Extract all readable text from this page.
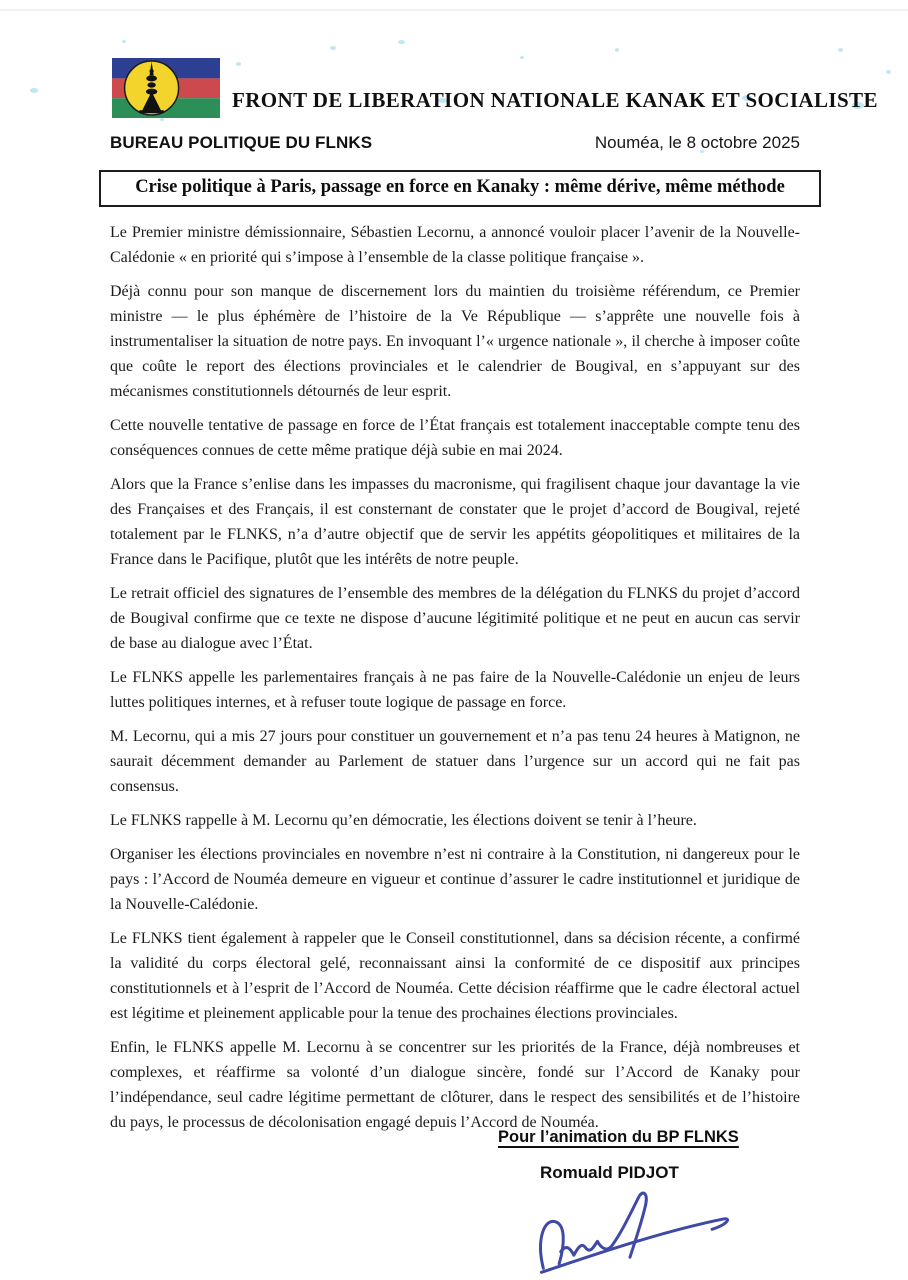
FRONT DE LIBERATION NATIONALE KANAK ET SOCIALISTE
BUREAU POLITIQUE DU FLNKS	Nouméa, le 8 octobre 2025
Crise politique à Paris, passage en force en Kanaky : même dérive, même méthode

Le Premier ministre démissionnaire, Sébastien Lecornu, a annoncé vouloir placer l’avenir de la Nouvelle-Calédonie « en priorité qui s’impose à l’ensemble de la classe politique française ».

Déjà connu pour son manque de discernement lors du maintien du troisième référendum, ce Premier ministre — le plus éphémère de l’histoire de la Ve République — s’apprête une nouvelle fois à instrumentaliser la situation de notre pays. En invoquant l’« urgence nationale », il cherche à imposer coûte que coûte le report des élections provinciales et le calendrier de Bougival, en s’appuyant sur des mécanismes constitutionnels détournés de leur esprit.

Cette nouvelle tentative de passage en force de l’État français est totalement inacceptable compte tenu des conséquences connues de cette même pratique déjà subie en mai 2024.

Alors que la France s’enlise dans les impasses du macronisme, qui fragilisent chaque jour davantage la vie des Françaises et des Français, il est consternant de constater que le projet d’accord de Bougival, rejeté totalement par le FLNKS, n’a d’autre objectif que de servir les appétits géopolitiques et militaires de la France dans le Pacifique, plutôt que les intérêts de notre peuple.

Le retrait officiel des signatures de l’ensemble des membres de la délégation du FLNKS du projet d’accord de Bougival confirme que ce texte ne dispose d’aucune légitimité politique et ne peut en aucun cas servir de base au dialogue avec l’État.

Le FLNKS appelle les parlementaires français à ne pas faire de la Nouvelle-Calédonie un enjeu de leurs luttes politiques internes, et à refuser toute logique de passage en force.

M. Lecornu, qui a mis 27 jours pour constituer un gouvernement et n’a pas tenu 24 heures à Matignon, ne saurait décemment demander au Parlement de statuer dans l’urgence sur un accord qui ne fait pas consensus.

Le FLNKS rappelle à M. Lecornu qu’en démocratie, les élections doivent se tenir à l’heure.

Organiser les élections provinciales en novembre n’est ni contraire à la Constitution, ni dangereux pour le pays : l’Accord de Nouméa demeure en vigueur et continue d’assurer le cadre institutionnel et juridique de la Nouvelle-Calédonie.

Le FLNKS tient également à rappeler que le Conseil constitutionnel, dans sa décision récente, a confirmé la validité du corps électoral gelé, reconnaissant ainsi la conformité de ce dispositif aux principes constitutionnels et à l’esprit de l’Accord de Nouméa. Cette décision réaffirme que le cadre électoral actuel est légitime et pleinement applicable pour la tenue des prochaines élections provinciales.

Enfin, le FLNKS appelle M. Lecornu à se concentrer sur les priorités de la France, déjà nombreuses et complexes, et réaffirme sa volonté d’un dialogue sincère, fondé sur l’Accord de Kanaky pour l’indépendance, seul cadre légitime permettant de clôturer, dans le respect des sensibilités et de l’histoire du pays, le processus de décolonisation engagé depuis l’Accord de Nouméa.

Pour l’animation du BP FLNKS
Romuald PIDJOT
